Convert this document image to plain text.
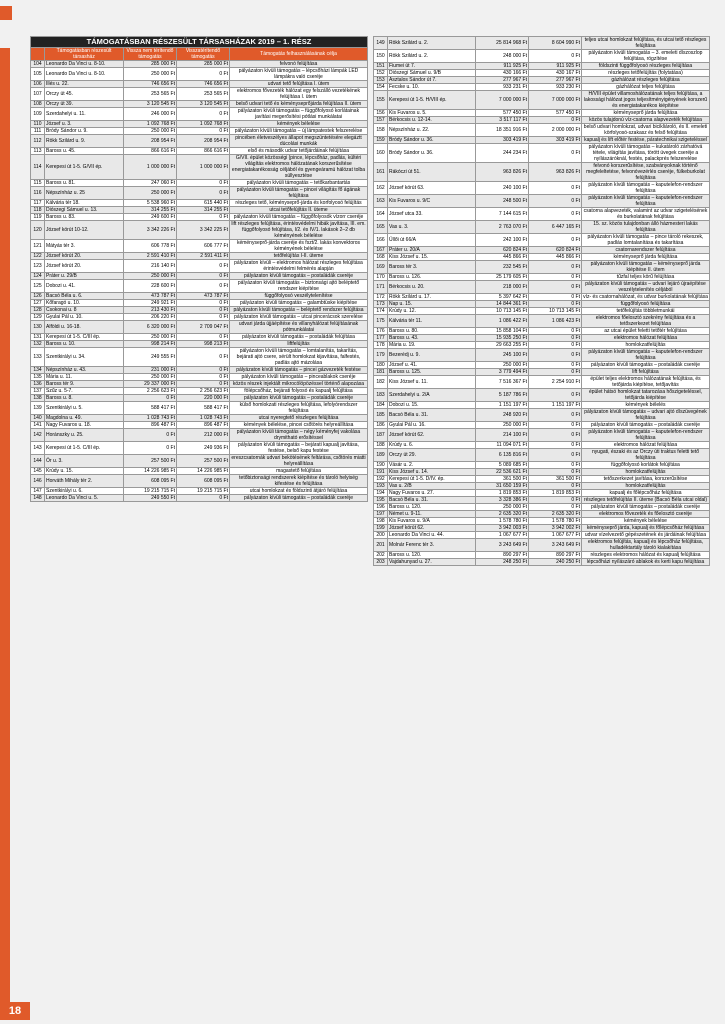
18
TÁMOGATÁSBAN RÉSZESÜLT TÁRSASHÁZAK 2019 – 1. RÉSZ				
	Támogatásban részesült társasház	Vissza nem térítendő támogatás	Visszatérítendő támogatás	Támogatás felhasználásának célja
104	Leonardo Da Vinci u. 8-10.	285 000 Ft	285 000 Ft	felvonó felújítása
105	Leonardo Da Vinci u. 8-10.	250 000 Ft	0 Ft	pályázaton kívüli támogatás – lépcsőházi lámpák LED lámpákra való cseréje
106	Illés u. 22.	746 656 Ft	746 656 Ft	udvari tető felújítása I. ütem
107	Orczy út 45.	253 565 Ft	253 565 Ft	elektromos fővezeték hálózat egy felszálló vezetékének felújítása I. ütem
108	Orczy út 39.	3 120 545 Ft	3 120 545 Ft	belső udvari tető és kéményseprőjárda felújítása II. ütem
109	Szerdahelyi u. 11.	246 000 Ft	0 Ft	pályázaton kívüli támogatás – függőfolyosó korlátainak javítási megerősítési pótlási munkálatai
110	József u. 3.	1 092 768 Ft	1 092 768 Ft	kémények bélelése
111	Bródy Sándor u. 9.	250 000 Ft	0 Ft	pályázaton kívüli támogatás – új lámpatestek felszerelése
112	Rökk Szilárd u. 9.	208 954 Ft	208 954 Ft	pincében életveszélyes állapot megszüntetésére elegáztt dúcolási munkák
113	Baross u. 45.	866 616 Ft	866 616 Ft	első és második udvar tetőjárdáinak felújítása
114	Kerepesi út 1-5. G/VII ép.	1 000 000 Ft	1 000 000 Ft	G/VII. épület közösségi (pince, lépcsőház, padlás, kültéri világítás elektromos hálózatának korszerűsítése energiatakarékosság céljából és gyengeáramú hálózat tolba süllyesztése
115	Baross u. 81.	247 060 Ft	0 Ft	pályázaton kívüli támogatás – tetőkarbantartás
116	Népszínház u. 25	250 000 Ft	0 Ft	pályázaton kívüli támogatás – pincei világítás fő ágának felújítása
117	Kálvária tér 18.	5 538 960 Ft	615 440 Ft	részleges tető, kéményseprő-járda és korfolyosó felújítás
118	Diószegi Sámuel u. 13.	314 255 Ft	314 255 Ft	utcai tetőfelújítás II. üteme
119	Baross u. 83.	249 600 Ft	0 Ft	pályázaton kívüli támogatás – függőfolyosók vízorr cseréje
120	József körút 10-12.	3 342 226 Ft	3 342 225 Ft	lift részleges felújítása, érintésvédelmi hibák javítása, III. em. függőfolyosó felújítása, I/2. és IV/1. lakások 2–2 db kéményének bélelése
121	Mátyás tér 3.	606 778 Ft	606 777 Ft	kéményseprő-járda cseréje és fszt/2. lakás konvektoros kéményének bélelése
122	József körút 20.	2 591 410 Ft	2 591 411 Ft	tetőfelújítás I-II. üteme
123	József körút 20.	216 140 Ft	0 Ft	pályázaton kívüli – elektromos hálózat részleges felújítása érintésvédelmi felmérés alapján
124	Práter u. 29/B	250 000 Ft	0 Ft	pályázaton kívüli támogatás – postaládák cseréje
125	Dobozi u. 41.	228 600 Ft	0 Ft	pályázaton kívüli támogatás – biztonsági ajtó beléptető rendszer kiépítése
126	Bacsó Béla u. 6.	473 787 Ft	473 787 Ft	függőfolyosó veszélytelenítése
127	Kőfaragó u. 10.	249 921 Ft	0 Ft	pályázaton kívüli támogatás – galambtüske kiépítése
128	Csokonai u. 8	213 430 Ft	0 Ft	pályázaton kívüli támogatás – beléptető rendszer felújítása
129	Gyulai Pál u. 10.	206 220 Ft	0 Ft	pályázaton kívüli támogatás – utcai pincerácsok szerelése
130	Alföldi u. 16-18.	6 320 000 Ft	2 709 047 Ft	udvari járda újjáépítése és villanyhálózat felújításának pótmunkálatai
131	Kerepesi út 1-5. C/III ép.	250 000 Ft	0 Ft	pályázaton kívüli támogatás – postaládák felújítása
132	Baross u. 10.	998 214 Ft	998 213 Ft	liftfelújítás
133	Szentkirályi u. 34.	249 555 Ft	0 Ft	pályázaton kívüli támogatás – lomtalanítás, takarítás, bejárati ajtó csere, sérült homlokzat kijavítása, falfestés, padlás ajtó mázolása
134	Népszínház u. 43.	231 000 Ft	0 Ft	pályázaton kívüli támogatás – pincei gázvezeték festése
135	Mária u. 11.	250 000 Ft	0 Ft	pályázaton kívüli támogatás – pinceablakok cseréje
136	Baross tér 9.	29 337 000 Ft	0 Ft	közös részek injektált mikrocölöpözéssel történő alapozása
137	Szűz u. 5-7.	2 256 623 Ft	2 256 623 Ft	fölépcsőház, bejárati folyosó és kapualj felújítása
138	Baross u. 8.	0 Ft	220 000 Ft	pályázaton kívüli támogatás – postaládák cseréje
139	Szentkirályi u. 5.	588 417 Ft	588 417 Ft	külső homlokzati részleges felújítása, lefolyórendszer felújítása
140	Magdolna u. 49.	1 028 743 Ft	1 028 743 Ft	utcai nyeregtető részleges felújítása
141	Nagy Fuvaros u. 18.	896 487 Ft	896 487 Ft	kémények bélelése, pincei csőtörés helyreállítása
142	Horánszky u. 25.	0 Ft	212 000 Ft	pályázaton kívüli támogatás – négy kéményfej vakolása drymitható erősítéssel
143	Kerepesi út 1-5. C/III ép.	0 Ft	249 936 Ft	pályázaton kívüli támogatás – bejárati kapualj javítása, festése, belső kapu festése
144	Őr u. 3.	257 500 Ft	257 500 Ft	ereszcsatornák udvari bekötésének feltárása, csőtörés miatti helyreállítása
145	Krúdy u. 15.	14 226 985 Ft	14 226 985 Ft	magastető felújítása
146	Horváth Mihály tér 2.	608 095 Ft	608 095 Ft	tetőbiztonsági rendszerek kiépítése és tároló helyiség kifestése és felújítása
147	Szentkirályi u. 6.	19 215 715 Ft	19 215 715 Ft	utcai homlokzat és földszinti átjáró felújítása
148	Leonardo Da Vinci u. 5.	249 550 Ft	0 Ft	pályázaton kívüli támogatás – postaládák cseréje
149	Rökk Szilárd u. 2.	25 814 968 Ft	8 604 990 Ft	teljes utcai homlokzat felújítása, és utcai tető részleges felújítása
150	Rökk Szilárd u. 2.	248 000 Ft	0 Ft	pályázaton kívüli támogatás – 3. emeleti díszoszlop felújítása, rögzítése
151	Fiumei út 7.	911 925 Ft	911 925 Ft	földszinti függőfolyosó részleges felújítása
152	Diószegi Sámuel u. 9/B	430 166 Ft	430 167 Ft	részleges tetőfelújítás (folytatása)
153	Asztalos Sándor út 7.	277 967 Ft	277 967 Ft	gázhálózat részleges felújítása
154	Fecske u. 10.	933 231 Ft	933 230 Ft	gázhálózat teljes felújítása
155	Kerepesi út 1-5. H/VIII ép.	7 000 000 Ft	7 000 000 Ft	H/VIII épület villamoshálózatának teljes felújítása, a lakossági hálózat jogos teljesítményigényének korszerű és energiatakarékos kiépítése
156	Kis Fuvaros u. 5.	577 450 Ft	577 450 Ft	kéményseprő járda felújítása
157	Bérkocsis u. 12-14.	3 517 117 Ft	0 Ft	közös tulajdonú víz-csatorna alapvezeték felújítása
158	Népszínház u. 22.	18 351 916 Ft	2 000 000 Ft	belső udvari homlokzat, udvari bicikliároló, és II. emeleti körfolyosó-szakasz és felső felújítása
159	Bródy Sándor u. 36.	303 419 Ft	303 419 Ft	kapualj és lift előtér festése, páratechnikai szigeteléssel
160	Bródy Sándor u. 36.	244 234 Ft	0 Ft	pályázaton kívüli támogatás – kukatároló zárhatóvá tétele, világítás javítása, törött üvegek cseréje a nyílászáróknál, festés, palackprés felszerelése
161	Rákóczi út 51.	963 826 Ft	963 826 Ft	felvonó korszerűsítése, szabványoknak történő megfeleltetése, felvonóvezérlés cseréje, fülkeburkolat felújítása
162	József körút 63.	240 100 Ft	0 Ft	pályázaton kívüli támogatás – kaputelefon-rendszer felújítása
163	Kis Fuvaros u. 9/C	248 500 Ft	0 Ft	pályázaton kívüli támogatás – kaputelefon-rendszer felújítása
164	József utca 33.	7 144 615 Ft	0 Ft	csatorna alapvezeték, valamint az udvar szigetelésének és burkolatának felújítása
165	Vas u. 3.	2 763 070 Ft	6 447 165 Ft	15. sz. közös tulajdonban álló házmesteri lakás felújítása
166	Üllői út 66/A	242 100 Ft	0 Ft	pályázaton kívüli támogatás – pince tároló rekeszek, padlás lomtalanítása és takarítása
167	Práter u. 20/A	620 824 Ft	620 824 Ft	csatornarendszer felújítása
168	Kiss József u. 15.	445 866 Ft	445 866 Ft	kéményseprő járda felújítása
169	Baross tér 3.	232 545 Ft	0 Ft	pályázaton kívüli támogatás – kéményseprő járda kiépítése II. ütem
170	Baross u. 126.	25 179 605 Ft	0 Ft	tűzfal teljes körű felújítása
171	Bérkocsis u. 20.	218 000 Ft	0 Ft	pályázaton kívüli támogatás – udvari lejáró újraépítése veszélytelenítés céljából
172	Rökk Szilárd u. 17.	5 397 642 Ft	0 Ft	víz- és csatornahálózat, és udvar burkolatának felújítása
173	Nap u. 15.	14 844 361 Ft	0 Ft	függőfolyosó felújítása
174	Krúdy u. 12.	10 713 145 Ft	10 713 145 Ft	tetőfelújítás többletmunkái
175	Kálvária tér 11.	1 086 422 Ft	1 086 423 Ft	elektromos főelosztó szekrény felújítása és a tetőszerkezet felújítása
176	Baross u. 80.	15 858 104 Ft	0 Ft	az utcai épület feletti tetőtér felújítása
177	Baross u. 43.	15 935 250 Ft	0 Ft	elektromos hálózat felújítása
178	Mária u. 19.	29 663 255 Ft	0 Ft	homlokzatfelújítás
179	Bezerédj u. 9.	245 100 Ft	0 Ft	pályázaton kívüli támogatás – kaputelefon-rendszer felújítása
180	József u. 41.	250 000 Ft	0 Ft	pályázaton kívüli támogatás – postaládák cseréje
181	Baross u. 125.	3 779 494 Ft	0 Ft	lift felújítása
182	Kiss József u. 11.	7 516 367 Ft	2 254 910 Ft	épület teljes elektromos hálózatának felújítása, és tetőjárda kiépítése, tetőjavítás
183	Szerdahelyi u. 2/A	5 187 786 Ft	0 Ft	épület hátsó homlokzat tatarozása hőszigeteléssel, tetőjárda kiépítése
184	Dobozi u. 15.	1 151 197 Ft	1 151 197 Ft	kémények bélelés
185	Bacsó Béla u. 31.	248 920 Ft	0 Ft	pályázaton kívüli támogatás – udvari ajtó díszüvegének felújítása
186	Gyulai Pál u. 16.	250 000 Ft	0 Ft	pályázaton kívüli támogatás – postaládák cseréje
187	József körút 62.	214 100 Ft	0 Ft	pályázaton kívüli támogatás – kaputelefon-rendszer felújítása
188	Krúdy u. 6.	11 094 071 Ft	0 Ft	elektromos hálózat felújítása
189	Orczy út 29.	6 135 816 Ft	0 Ft	nyugati, északi és az Orczy úti traktus feletti tető felújítása
190	Vásár u. 2.	5 089 685 Ft	0 Ft	függőfolyosó korlátok felújítása
191	Kiss József u. 14.	22 536 621 Ft	0 Ft	homlokzatfelújítás
192	Kerepesi út 1-5. D/IV. ép.	361 500 Ft	361 500 Ft	tetőszerkezet javítása, korszerűsítése
193	Vas u. 2/B	31 650 159 Ft	0 Ft	homlokzatfelújítás
194	Nagy Fuvaros u. 27.	1 819 853 Ft	1 819 853 Ft	kapualj és főlépcsőház felújítása
195	Bacsó Béla u. 31.	3 328 386 Ft	0 Ft	részleges tetőfelújítás II. üteme (Bacsó Béla utcai oldal)
196	Baross u. 120.	250 000 Ft	0 Ft	pályázaton kívüli támogatás – postaládák cseréje
197	Német u. 9-11.	2 635 320 Ft	2 635 320 Ft	elektromos fővezeték és főelosztó cseréje
198	Kis Fuvaros u. 9/A	1 578 780 Ft	1 578 780 Ft	kémények bélelése
199	József körút 62.	3 942 003 Ft	3 942 002 Ft	kéményseprő járda, kapualj és főlépcsőház felújítása
200	Leonardo Da Vinci u. 44.	1 067 677 Ft	1 067 677 Ft	udvar vízelvezető gépészetének és járdáinak felújítása
201	Molnár Ferenc tér 3.	3 243 649 Ft	3 243 649 Ft	elektromos felújítás, kapualj és lépcsőház felújítása, hulladéktartály tároló kialakítása
202	Baross u. 120.	890 297 Ft	890 297 Ft	részleges elektromos hálózat és kapualj felújítása
203	Vajdahunyad u. 27.	248 250 Ft	240 250 Ft	lépcsőházi nyílászáró ablakok és kerti kapu felújítása
